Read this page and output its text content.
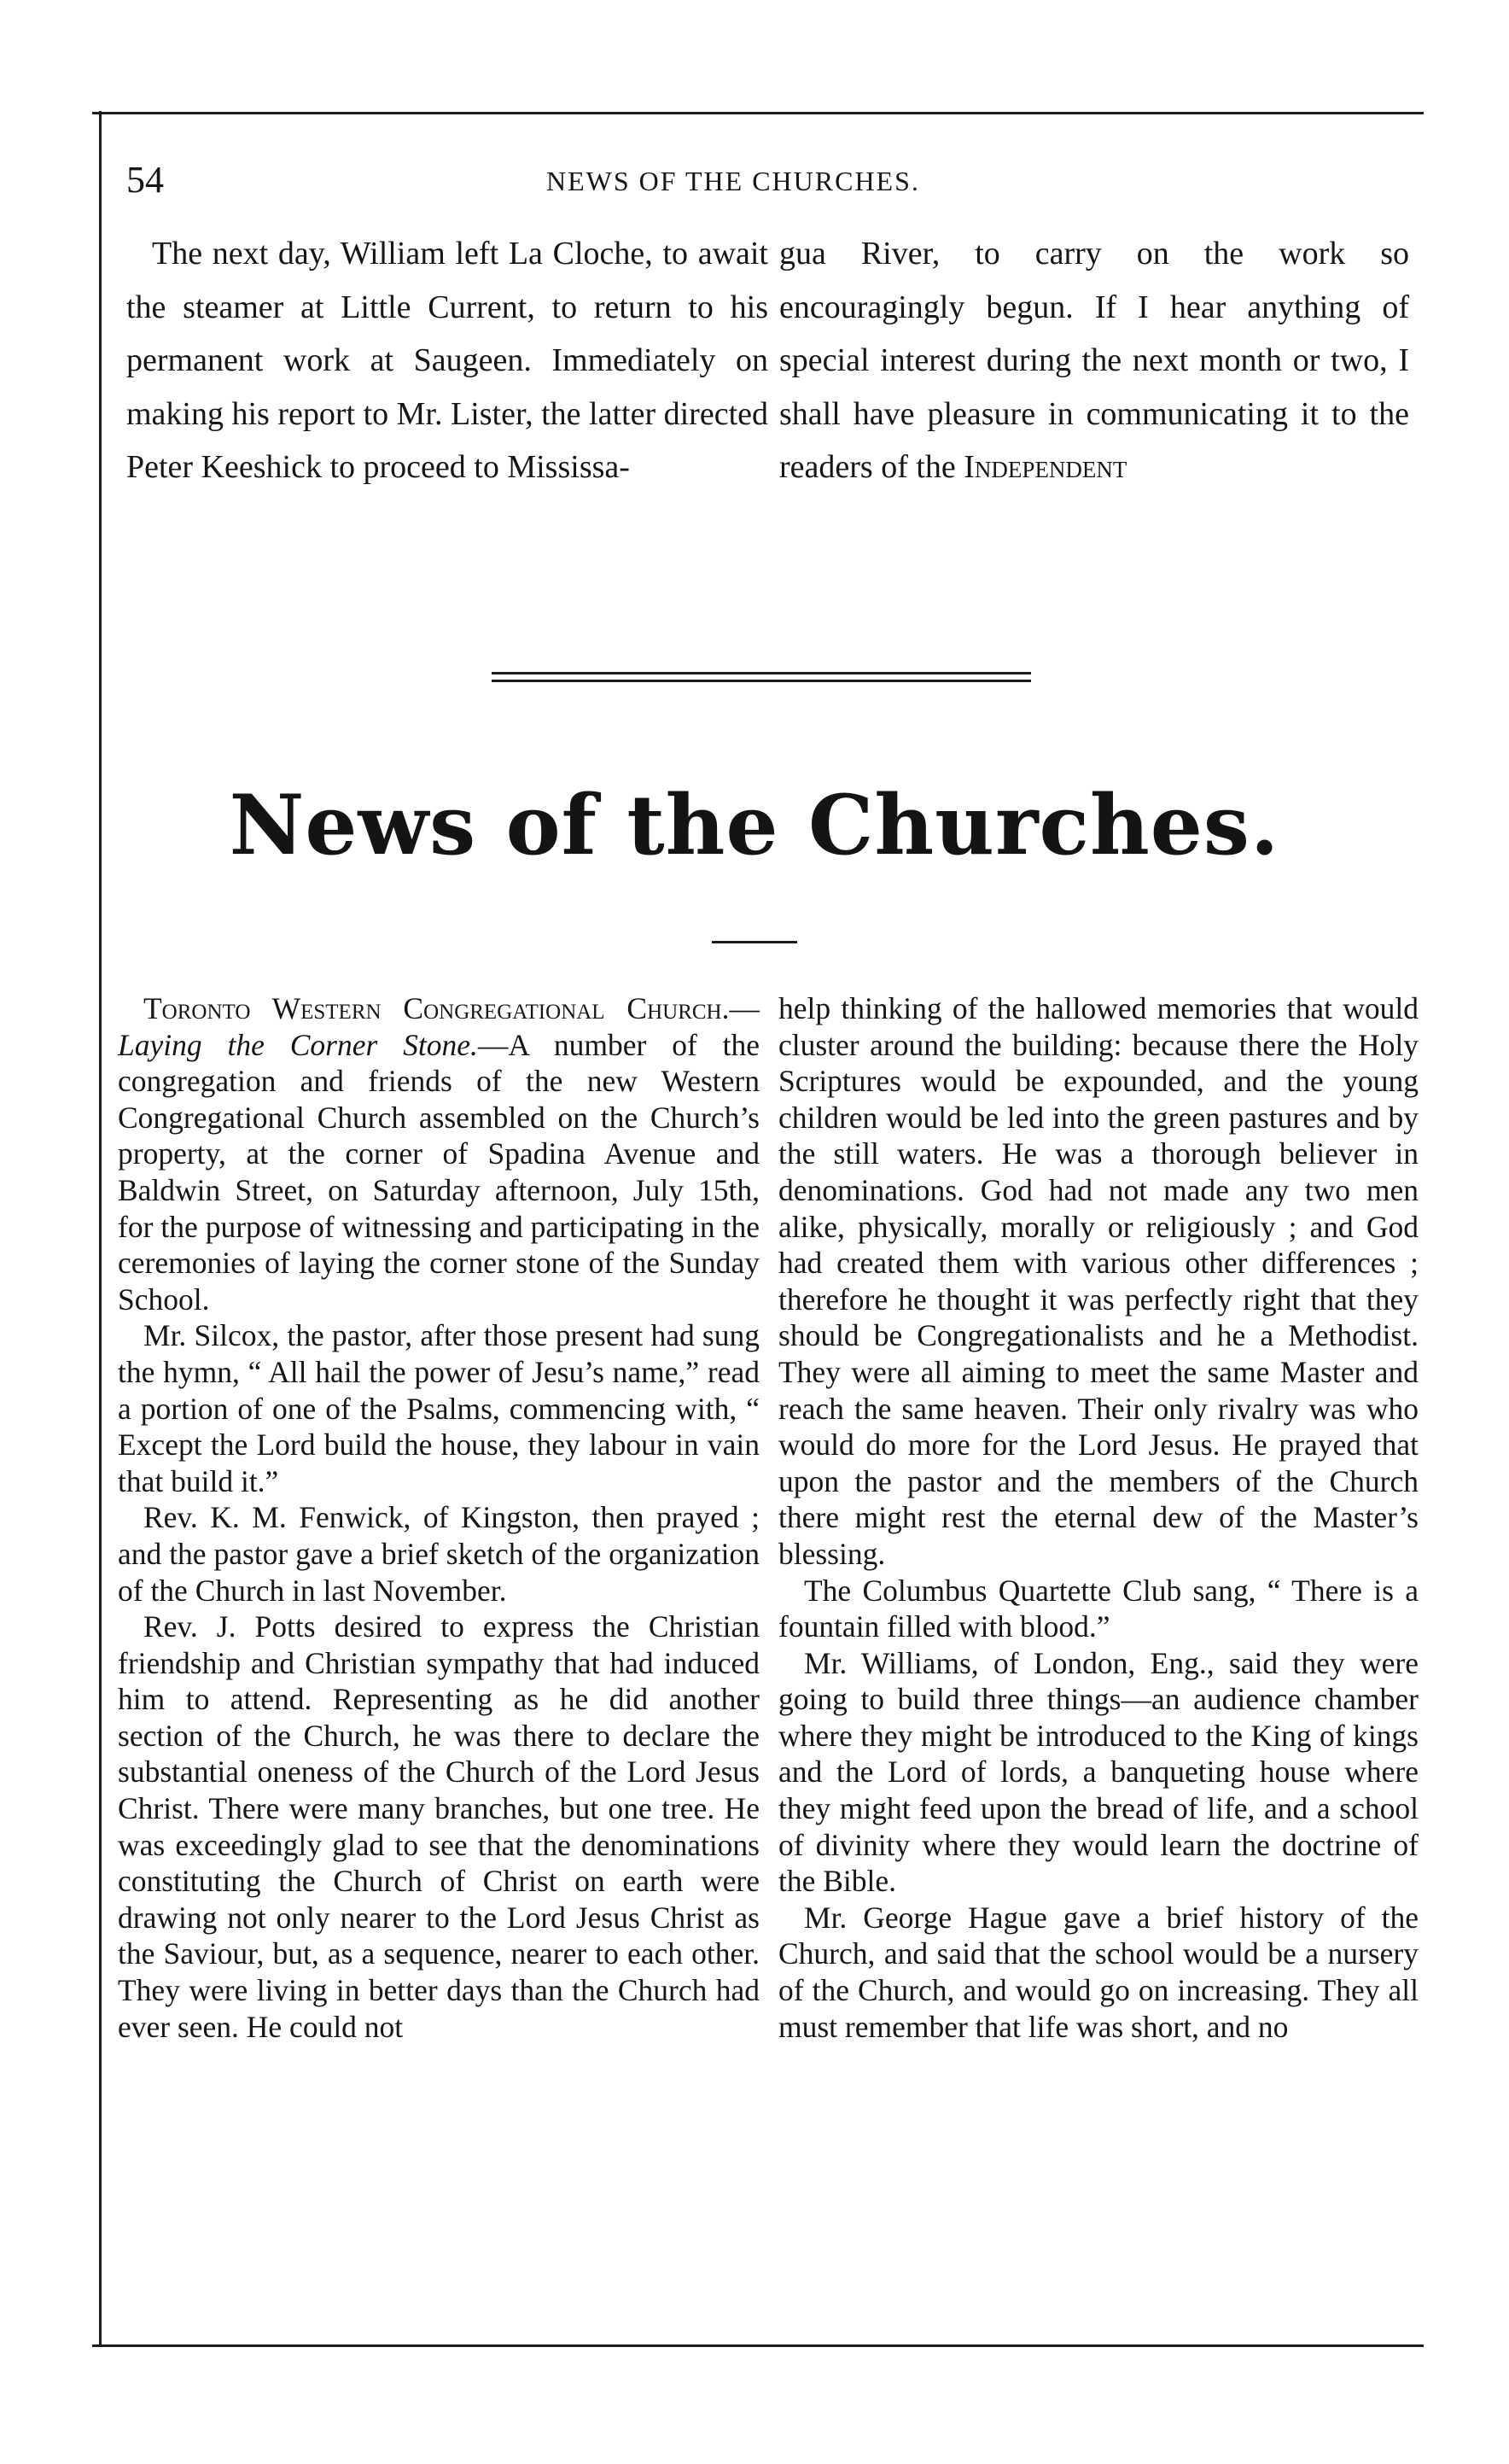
54	NEWS OF THE CHURCHES.

The next day, William left La Cloche, to await the steamer at Little Current, to return to his permanent work at Saugeen. Immediately on making his report to Mr. Lister, the latter directed Peter Keeshick to proceed to Mississa-

gua River, to carry on the work so encouragingly begun. If I hear anything of special interest during the next month or two, I shall have pleasure in communicating it to the readers of the Independent

News of the Churches.

Toronto Western Congregational Church.—Laying the Corner Stone.—A number of the congregation and friends of the new Western Congregational Church assembled on the Church’s property, at the corner of Spadina Avenue and Baldwin Street, on Saturday afternoon, July 15th, for the purpose of witnessing and participating in the ceremonies of laying the corner stone of the Sunday School.

Mr. Silcox, the pastor, after those present had sung the hymn, “ All hail the power of Jesu’s name,” read a portion of one of the Psalms, commencing with, “ Except the Lord build the house, they labour in vain that build it.”

Rev. K. M. Fenwick, of Kingston, then prayed ; and the pastor gave a brief sketch of the organization of the Church in last November.

Rev. J. Potts desired to express the Christian friendship and Christian sympathy that had induced him to attend. Representing as he did another section of the Church, he was there to declare the substantial oneness of the Church of the Lord Jesus Christ. There were many branches, but one tree. He was exceedingly glad to see that the denominations constituting the Church of Christ on earth were drawing not only nearer to the Lord Jesus Christ as the Saviour, but, as a sequence, nearer to each other. They were living in better days than the Church had ever seen. He could not

help thinking of the hallowed memories that would cluster around the building: because there the Holy Scriptures would be expounded, and the young children would be led into the green pastures and by the still waters. He was a thorough believer in denominations. God had not made any two men alike, physically, morally or religiously ; and God had created them with various other differences ; therefore he thought it was perfectly right that they should be Congregationalists and he a Methodist. They were all aiming to meet the same Master and reach the same heaven. Their only rivalry was who would do more for the Lord Jesus. He prayed that upon the pastor and the members of the Church there might rest the eternal dew of the Master’s blessing.

The Columbus Quartette Club sang, “ There is a fountain filled with blood.”

Mr. Williams, of London, Eng., said they were going to build three things—an audience chamber where they might be introduced to the King of kings and the Lord of lords, a banqueting house where they might feed upon the bread of life, and a school of divinity where they would learn the doctrine of the Bible.

Mr. George Hague gave a brief history of the Church, and said that the school would be a nursery of the Church, and would go on increasing. They all must remember that life was short, and no
